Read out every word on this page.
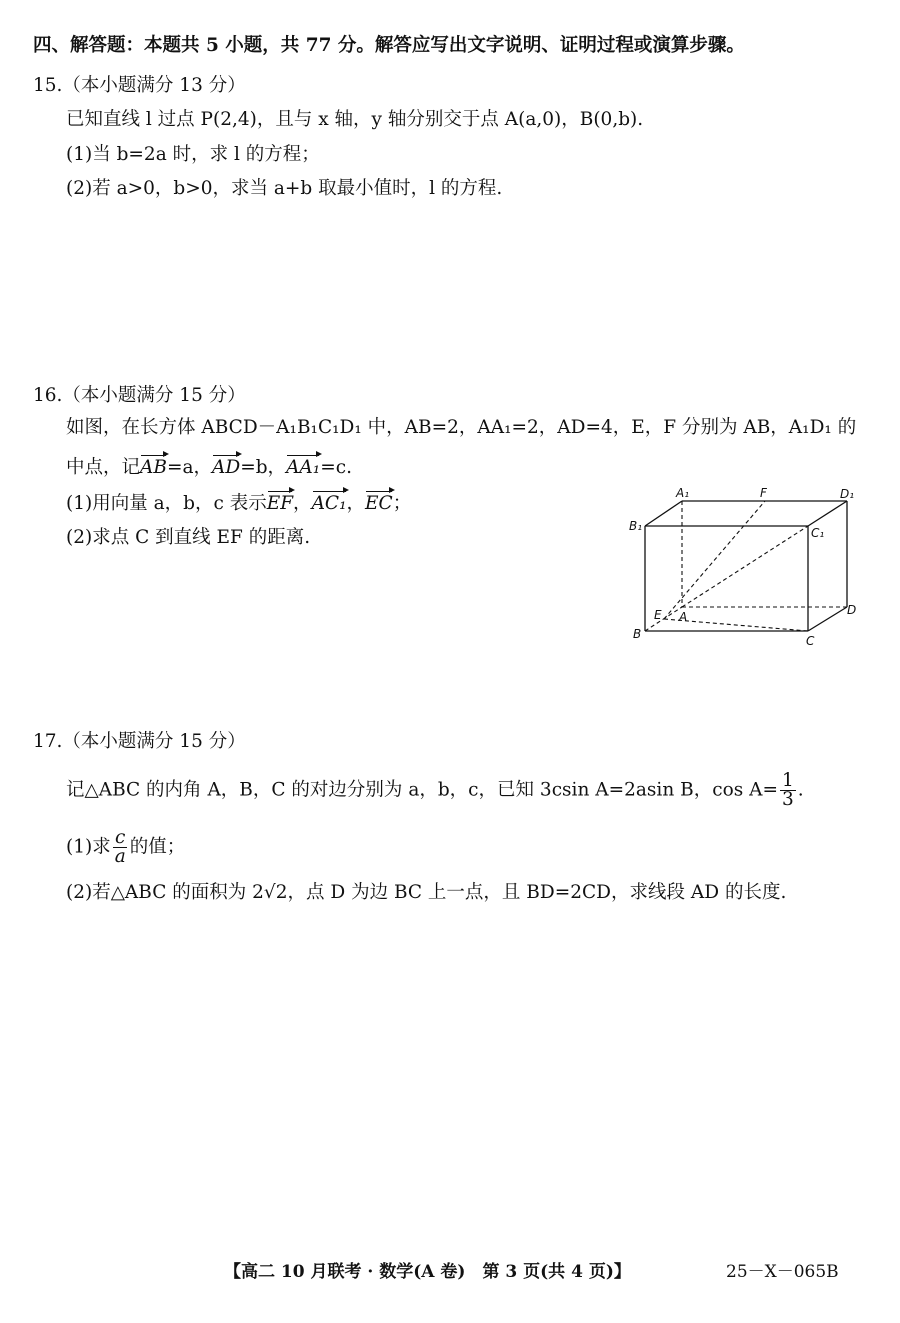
四、解答题：本题共 5 小题，共 77 分。解答应写出文字说明、证明过程或演算步骤。
15.（本小题满分 13 分）
已知直线 l 过点 P(2,4)，且与 x 轴，y 轴分别交于点 A(a,0)，B(0,b).
(1)当 b=2a 时，求 l 的方程；
(2)若 a>0，b>0，求当 a+b 取最小值时，l 的方程.
16.（本小题满分 15 分）
如图，在长方体 ABCD－A₁B₁C₁D₁ 中，AB=2，AA₁=2，AD=4，E，F 分别为 AB，A₁D₁ 的
中点，记AB=a，AD=b，AA₁=c.
(1)用向量 a，b，c 表示EF，AC₁，EC；
(2)求点 C 到直线 EF 的距离.
A₁	F	D₁
B₁	C₁
E A	D
B	C
17.（本小题满分 15 分）
记△ABC 的内角 A，B，C 的对边分别为 a，b，c，已知 3csin A=2asin B，$\cos A= \frac{1}{3}$ .
(1)求 $\frac{c}{a}$ 的值；
(2)若△ABC 的面积为 2√2，点 D 为边 BC 上一点，且 BD=2CD，求线段 AD 的长度.
【高二 10 月联考 · 数学(A 卷)　第 3 页(共 4 页)】	25－X－065B
